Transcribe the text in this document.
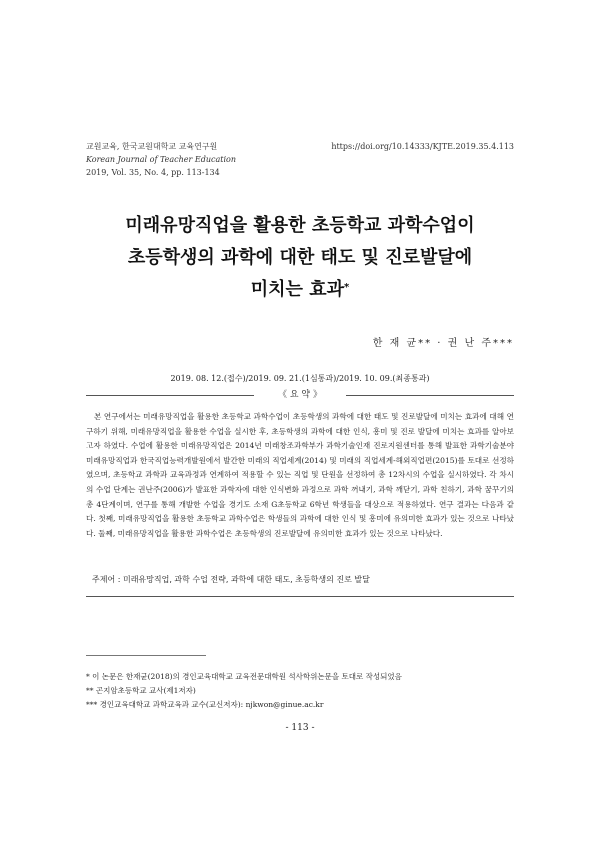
교원교육, 한국교원대학교 교육연구원
Korean Journal of Teacher Education
2019, Vol. 35, No. 4, pp. 113-134
https://doi.org/10.14333/KJTE.2019.35.4.113
미래유망직업을 활용한 초등학교 과학수업이
초등학생의 과학에 대한 태도 및 진로발달에
미치는 효과*
한 재 균** · 권 난 주***
2019. 08. 12.(접수)/2019. 09. 21.(1심통과)/2019. 10. 09.(최종통과)
《 요 약 》

본 연구에서는 미래유망직업을 활용한 초등학교 과학수업이 초등학생의 과학에 대한 태도 및 진로발달에 미치는 효과에 대해 연구하기 위해, 미래유망직업을 활용한 수업을 실시한 후, 초등학생의 과학에 대한 인식, 흥미 및 진로 발달에 미치는 효과를 알아보고자 하였다. 수업에 활용한 미래유망직업은 2014년 미래창조과학부가 과학기술인재 진로지원센터를 통해 발표한 과학기술분야 미래유망직업과 한국직업능력개발원에서 발간한 미래의 직업세계(2014) 및 미래의 직업세계-해외직업편(2015)를 토대로 선정하였으며, 초등학교 과학과 교육과정과 연계하여 적용할 수 있는 직업 및 단원을 선정하여 총 12차시의 수업을 실시하였다. 각 차시의 수업 단계는 권난주(2006)가 발표한 과학자에 대한 인식변화 과정으로 과학 꺼내기, 과학 깨닫기, 과학 친하기, 과학 꿈꾸기의 총 4단계이며, 연구를 통해 개발한 수업을 경기도 소재 G초등학교 6학년 학생들을 대상으로 적용하였다. 연구 결과는 다음과 같다. 첫째, 미래유망직업을 활용한 초등학교 과학수업은 학생들의 과학에 대한 인식 및 흥미에 유의미한 효과가 있는 것으로 나타났다. 둘째, 미래유망직업을 활용한 과학수업은 초등학생의 진로발달에 유의미한 효과가 있는 것으로 나타났다.

주제어 : 미래유망직업, 과학 수업 전략, 과학에 대한 태도, 초등학생의 진로 발달
* 이 논문은 한재균(2018)의 경인교육대학교 교육전문대학원 석사학위논문을 토대로 작성되었음
** 곤지암초등학교 교사(제1저자)
*** 경인교육대학교 과학교육과 교수(교신저자): njkwon@ginue.ac.kr
- 113 -
